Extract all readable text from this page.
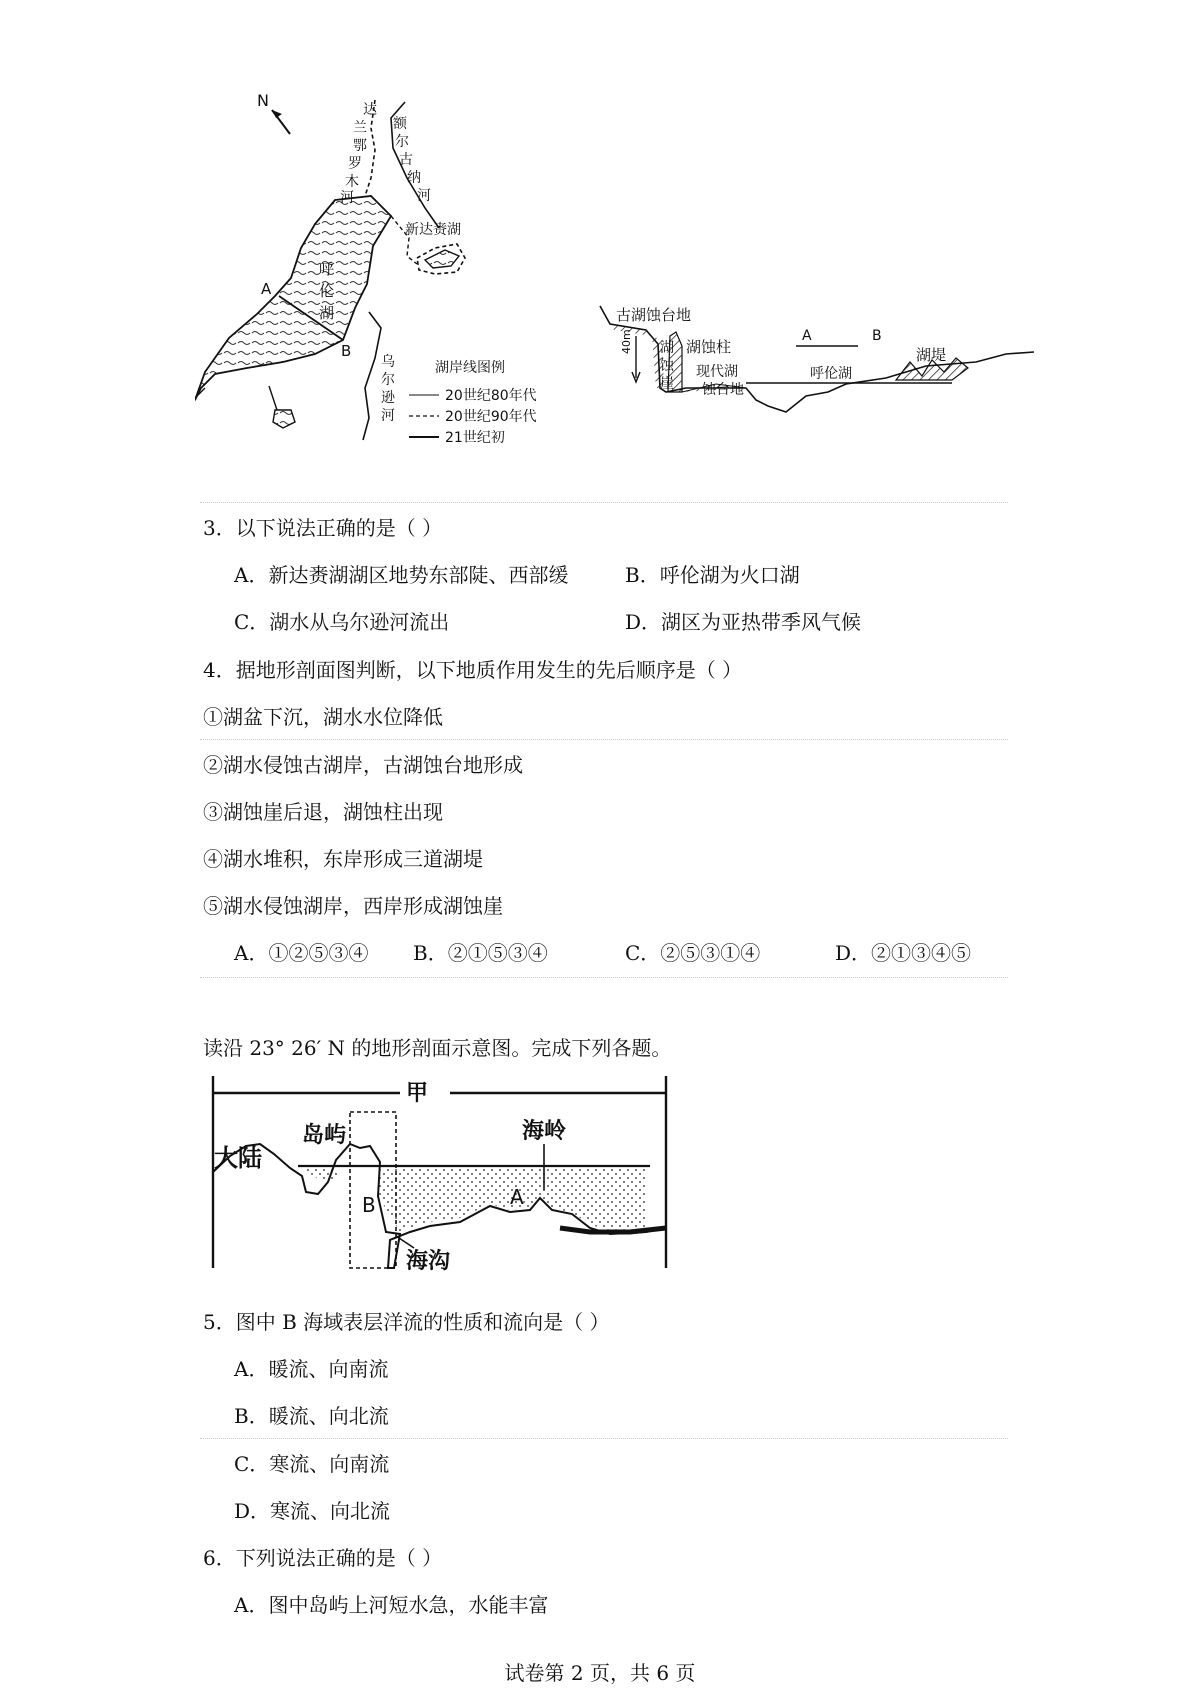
N	达
兰
鄂
罗
木
河
额
尔
古
纳
河
新达赉湖
呼
伦
湖
A
B
乌
尔
逊
河
湖岸线图例
20世纪80年代
20世纪90年代
21世纪初
40m
古湖蚀台地
湖
蚀
崖
湖蚀柱
现代湖
蚀台地
A	B
呼伦湖
湖堤
3．以下说法正确的是（ ）
A．新达赉湖湖区地势东部陡、西部缓	B．呼伦湖为火口湖
C．湖水从乌尔逊河流出	D．湖区为亚热带季风气候
4．据地形剖面图判断，以下地质作用发生的先后顺序是（ ）
①湖盆下沉，湖水水位降低
②湖水侵蚀古湖岸，古湖蚀台地形成
③湖蚀崖后退，湖蚀柱出现
④湖水堆积，东岸形成三道湖堤
⑤湖水侵蚀湖岸，西岸形成湖蚀崖
A．①②⑤③④ B．②①⑤③④	C．②⑤③①④	D．②①③④⑤
读沿 23° 26′ N 的地形剖面示意图。完成下列各题。
甲
大陆
岛屿	海岭
B	A
海沟
5．图中 B 海域表层洋流的性质和流向是（ ）
A．暖流、向南流
B．暖流、向北流
C．寒流、向南流
D．寒流、向北流
6．下列说法正确的是（ ）
A．图中岛屿上河短水急，水能丰富
试卷第 2 页，共 6 页
